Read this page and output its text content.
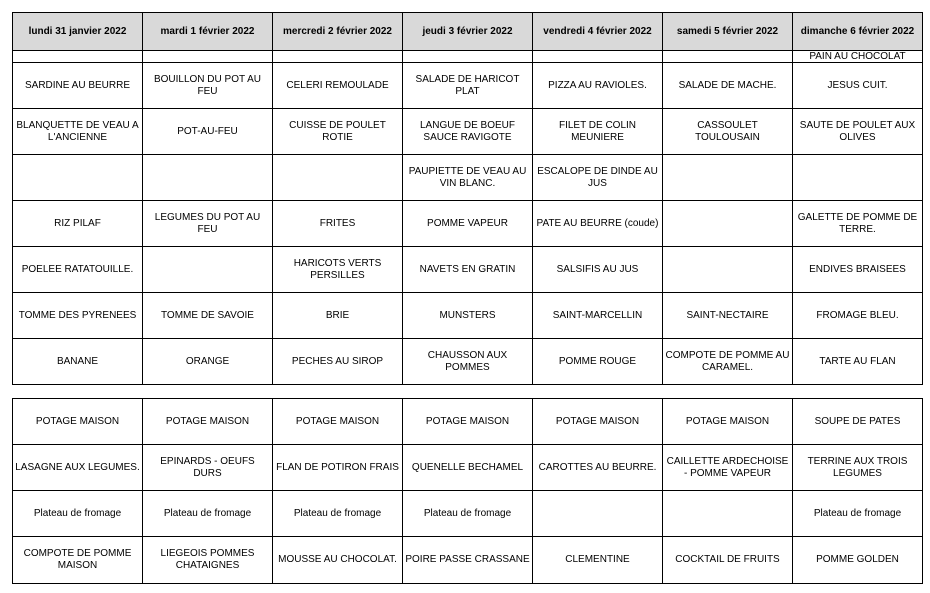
lundi 31 janvier 2022	mardi 1 février 2022	mercredi 2 février 2022	jeudi 3 février 2022	vendredi 4 février 2022	samedi 5 février 2022	dimanche 6 février 2022
						PAIN AU CHOCOLAT
SARDINE AU BEURRE	BOUILLON DU POT AU FEU	CELERI REMOULADE	SALADE DE HARICOT PLAT	PIZZA AU RAVIOLES.	SALADE DE MACHE.	JESUS CUIT.
BLANQUETTE DE VEAU A L'ANCIENNE	POT-AU-FEU	CUISSE DE POULET ROTIE	LANGUE DE BOEUF SAUCE RAVIGOTE	FILET DE COLIN MEUNIERE	CASSOULET TOULOUSAIN	SAUTE DE POULET AUX OLIVES
			PAUPIETTE DE VEAU AU VIN BLANC.	ESCALOPE DE DINDE AU JUS		
RIZ PILAF	LEGUMES DU POT AU FEU	FRITES	POMME VAPEUR	PATE AU BEURRE (coude)		GALETTE DE POMME DE TERRE.
POELEE RATATOUILLE.		HARICOTS VERTS PERSILLES	NAVETS EN GRATIN	SALSIFIS AU JUS		ENDIVES BRAISEES
TOMME DES PYRENEES	TOMME DE SAVOIE	BRIE	MUNSTERS	SAINT-MARCELLIN	SAINT-NECTAIRE	FROMAGE BLEU.
BANANE	ORANGE	PECHES AU SIROP	CHAUSSON AUX POMMES	POMME ROUGE	COMPOTE DE POMME AU CARAMEL.	TARTE AU FLAN
POTAGE MAISON	POTAGE MAISON	POTAGE MAISON	POTAGE MAISON	POTAGE MAISON	POTAGE MAISON	SOUPE DE PATES
LASAGNE AUX LEGUMES.	EPINARDS - OEUFS DURS	FLAN DE POTIRON FRAIS	QUENELLE BECHAMEL	CAROTTES AU BEURRE.	CAILLETTE ARDECHOISE - POMME VAPEUR	TERRINE AUX TROIS LEGUMES
Plateau de fromage	Plateau de fromage	Plateau de fromage	Plateau de fromage			Plateau de fromage
COMPOTE DE POMME MAISON	LIEGEOIS POMMES CHATAIGNES	MOUSSE AU CHOCOLAT.	POIRE PASSE CRASSANE	CLEMENTINE	COCKTAIL DE FRUITS	POMME GOLDEN
